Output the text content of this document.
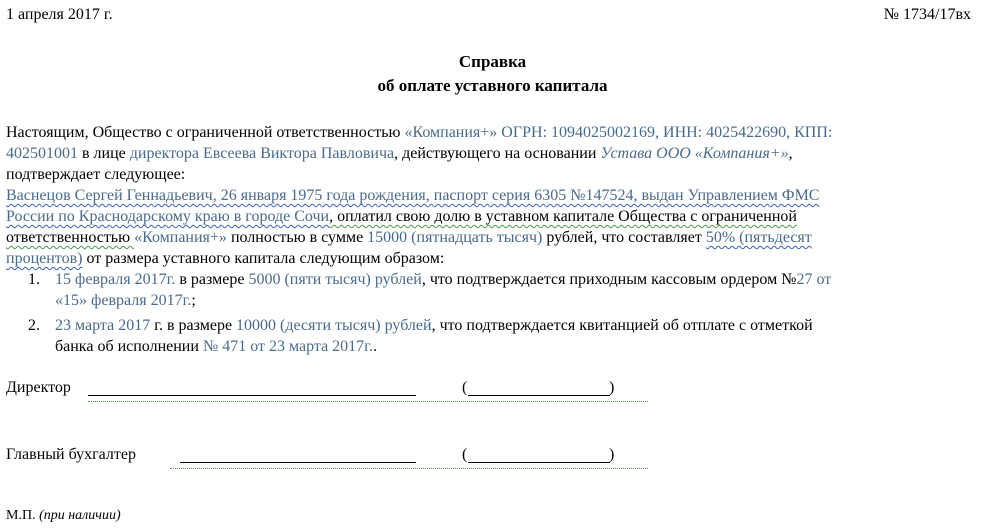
1 апреля 2017 г.	№ 1734/17вх
Справка
об оплате уставного капитала
Настоящим, Общество с ограниченной ответственностью «Компания+» ОГРН: 1094025002169, ИНН: 4025422690, КПП:
402501001 в лице директора Евсеева Виктора Павловича, действующего на основании Устава ООО «Компания+»,
подтверждает следующее:
Васнецов Сергей Геннадьевич, 26 января 1975 года рождения, паспорт серия 6305 №147524, выдан Управлением ФМС
России по Краснодарскому краю в городе Сочи, оплатил свою долю в уставном капитале Общества с ограниченной
ответственностью «Компания+» полностью в сумме 15000 (пятнадцать тысяч) рублей, что составляет 50% (пятьдесят
процентов) от размера уставного капитала следующим образом:
1. 15 февраля 2017г. в размере 5000 (пяти тысяч) рублей, что подтверждается приходным кассовым ордером №27 от
«15» февраля 2017г.;
2. 23 марта 2017 г. в размере 10000 (десяти тысяч) рублей, что подтверждается квитанцией об отплате с отметкой
банка об исполнении № 471 от 23 марта 2017г..
Директор	(	)
Главный бухгалтер	(	)
М.П. (при наличии)
